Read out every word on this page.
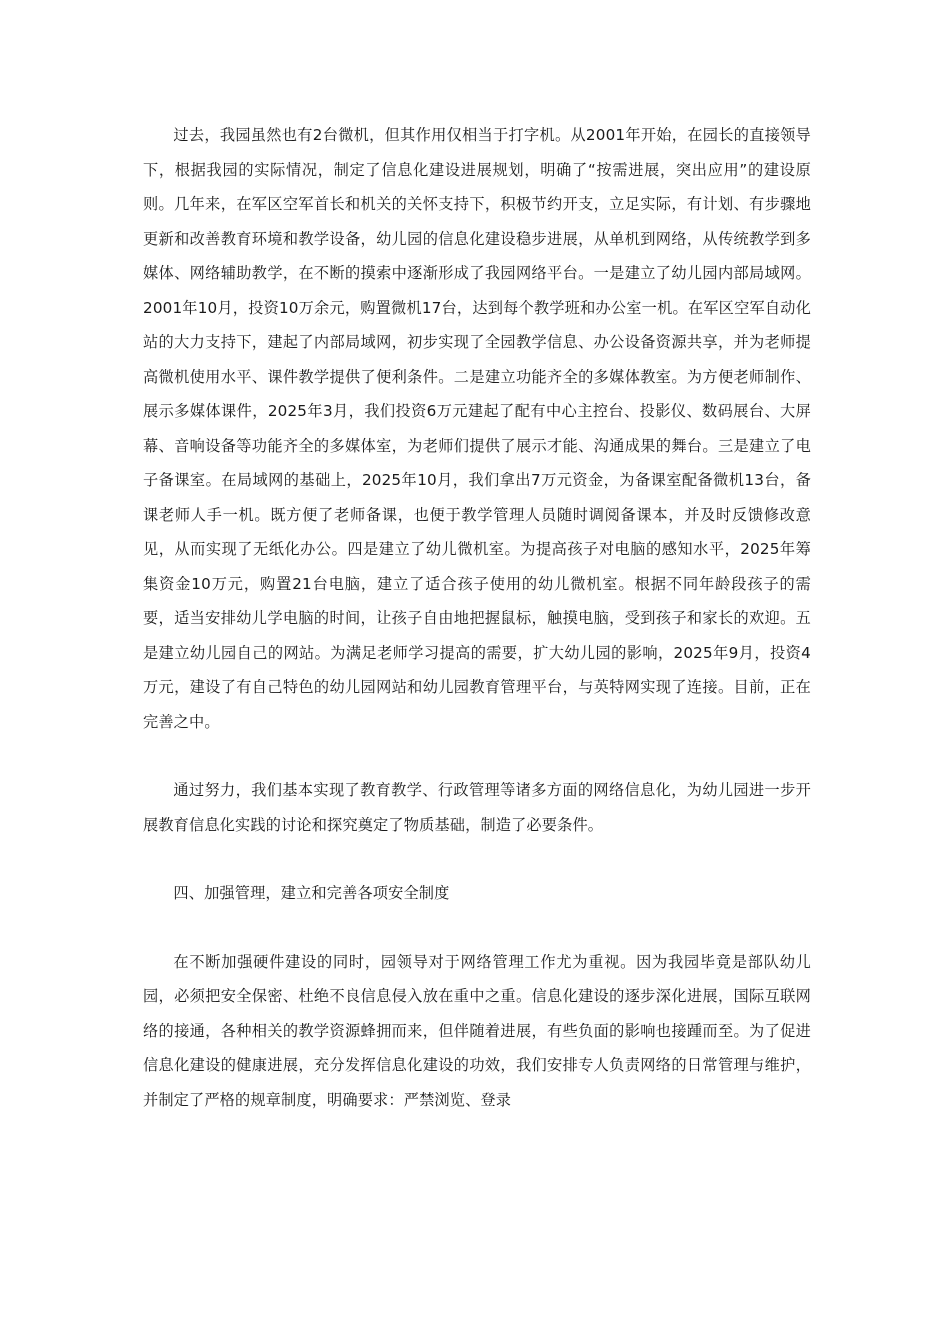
过去，我园虽然也有2台微机，但其作用仅相当于打字机。从2001年开始，在园长的直接领导下，根据我园的实际情况，制定了信息化建设进展规划，明确了“按需进展，突出应用”的建设原则。几年来，在军区空军首长和机关的关怀支持下，积极节约开支，立足实际，有计划、有步骤地更新和改善教育环境和教学设备，幼儿园的信息化建设稳步进展，从单机到网络，从传统教学到多媒体、网络辅助教学，在不断的摸索中逐渐形成了我园网络平台。一是建立了幼儿园内部局域网。2001年10月，投资10万余元，购置微机17台，达到每个教学班和办公室一机。在军区空军自动化站的大力支持下，建起了内部局域网，初步实现了全园教学信息、办公设备资源共享，并为老师提高微机使用水平、课件教学提供了便利条件。二是建立功能齐全的多媒体教室。为方便老师制作、展示多媒体课件，2025年3月，我们投资6万元建起了配有中心主控台、投影仪、数码展台、大屏幕、音响设备等功能齐全的多媒体室，为老师们提供了展示才能、沟通成果的舞台。三是建立了电子备课室。在局域网的基础上，2025年10月，我们拿出7万元资金，为备课室配备微机13台，备课老师人手一机。既方便了老师备课，也便于教学管理人员随时调阅备课本，并及时反馈修改意见，从而实现了无纸化办公。四是建立了幼儿微机室。为提高孩子对电脑的感知水平，2025年筹集资金10万元，购置21台电脑，建立了适合孩子使用的幼儿微机室。根据不同年龄段孩子的需要，适当安排幼儿学电脑的时间，让孩子自由地把握鼠标，触摸电脑，受到孩子和家长的欢迎。五是建立幼儿园自己的网站。为满足老师学习提高的需要，扩大幼儿园的影响，2025年9月，投资4万元，建设了有自己特色的幼儿园网站和幼儿园教育管理平台，与英特网实现了连接。目前，正在完善之中。

通过努力，我们基本实现了教育教学、行政管理等诸多方面的网络信息化，为幼儿园进一步开展教育信息化实践的讨论和探究奠定了物质基础，制造了必要条件。

四、加强管理，建立和完善各项安全制度

在不断加强硬件建设的同时，园领导对于网络管理工作尤为重视。因为我园毕竟是部队幼儿园，必须把安全保密、杜绝不良信息侵入放在重中之重。信息化建设的逐步深化进展，国际互联网络的接通，各种相关的教学资源蜂拥而来，但伴随着进展，有些负面的影响也接踵而至。为了促进信息化建设的健康进展，充分发挥信息化建设的功效，我们安排专人负责网络的日常管理与维护，并制定了严格的规章制度，明确要求：严禁浏览、登录
